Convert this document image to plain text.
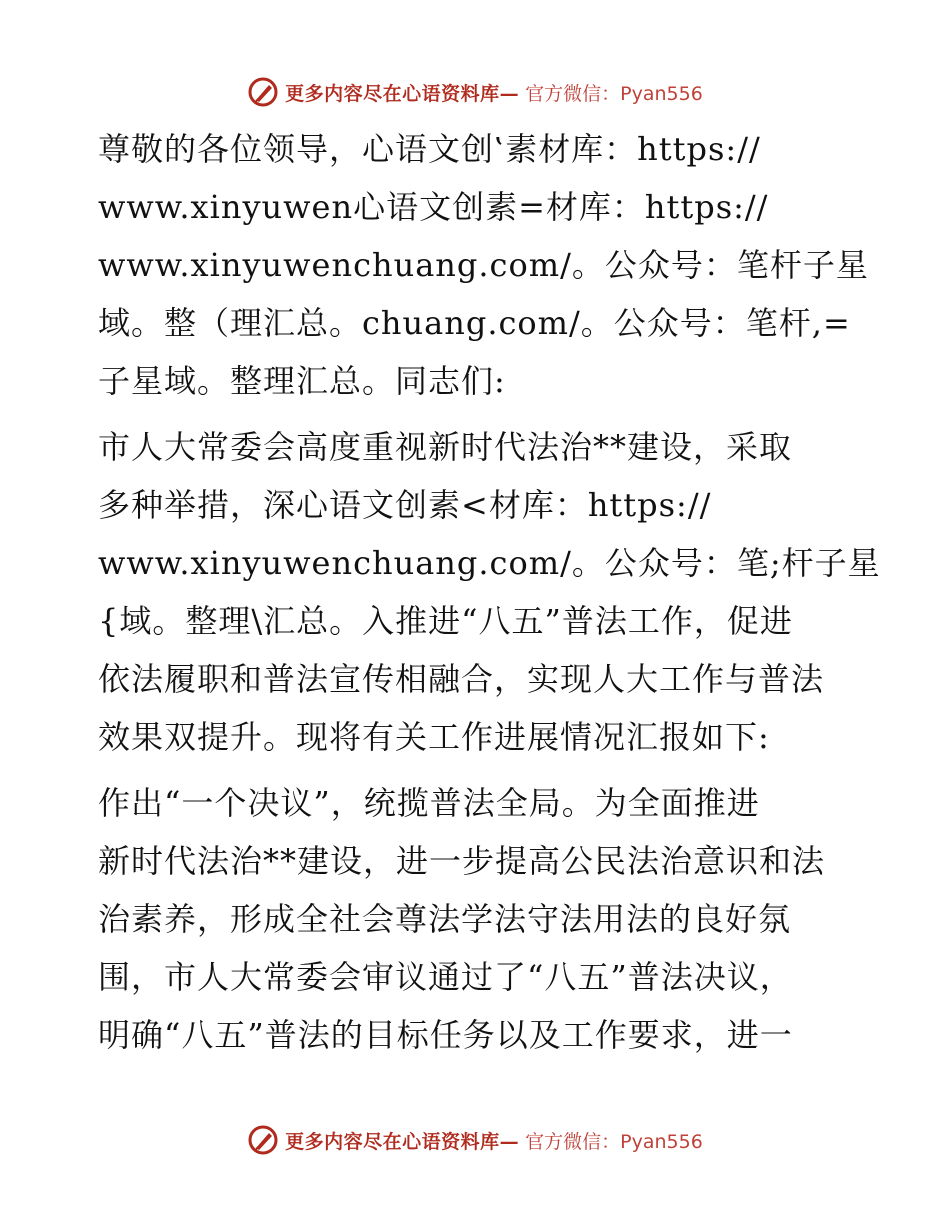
更多内容尽在心语资料库— 官方微信：Pyan556

尊敬的各位领导，心语文创‛素材库：https://
www.xinyuwen心语文创素=材库：https://
www.xinyuwenchuang.com/。公众号：笔杆子星
域。整（理汇总。chuang.com/。公众号：笔杆,=
子星域。整理汇总。同志们:

市人大常委会高度重视新时代法治**建设，采取
多种举措，深心语文创素<材库：https://
www.xinyuwenchuang.com/。公众号：笔;杆子星
{域。整理\汇总。入推进“八五”普法工作，促进
依法履职和普法宣传相融合，实现人大工作与普法
效果双提升。现将有关工作进展情况汇报如下:

作出“一个决议”，统揽普法全局。为全面推进
新时代法治**建设，进一步提高公民法治意识和法
治素养，形成全社会尊法学法守法用法的良好氛
围，市人大常委会审议通过了“八五”普法决议，
明确“八五”普法的目标任务以及工作要求，进一

更多内容尽在心语资料库— 官方微信：Pyan556
